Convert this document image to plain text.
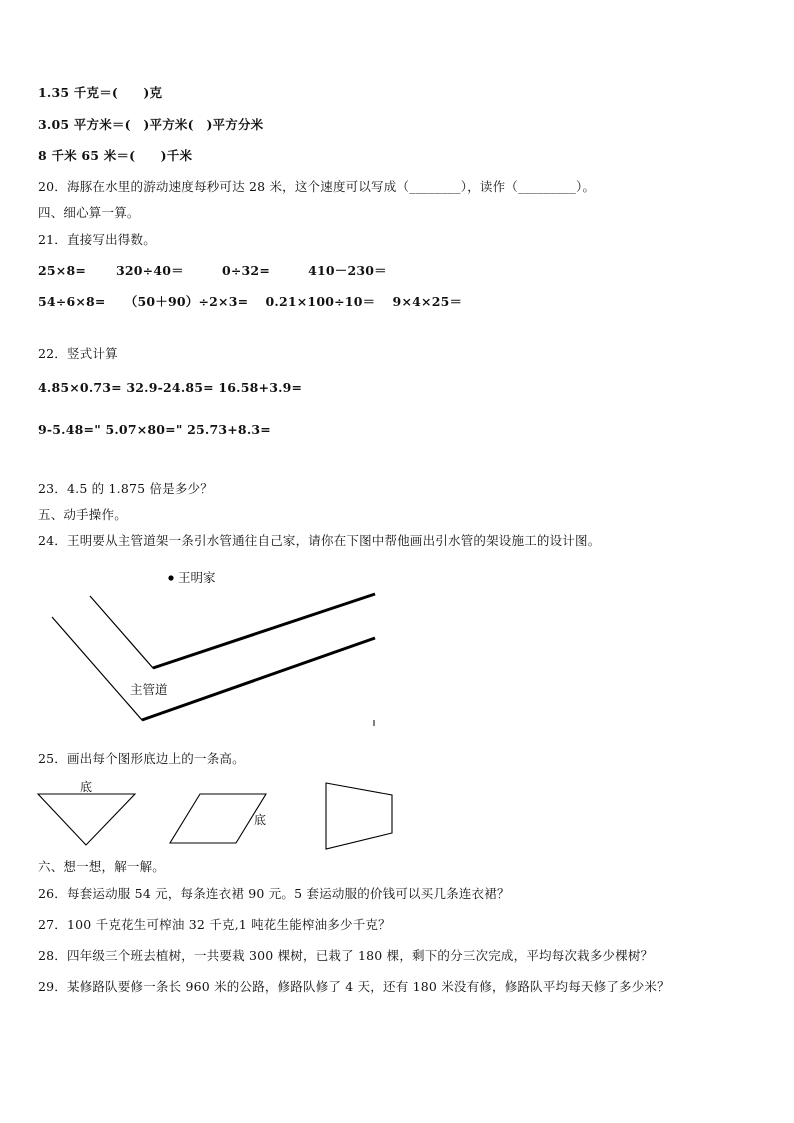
1.35 千克＝(　　)克
3.05 平方米＝(　)平方米(　)平方分米
8 千米 65 米＝(　　)千米
20．海豚在水里的游动速度每秒可达 28 米，这个速度可以写成（________），读作（_________）。
四、细心算一算。
21．直接写出得数。
25×8=　　 320÷40＝　　　0÷32=　　　410－230＝
54÷6×8=　　（50＋90）÷2×3=　 0.21×100÷10＝　 9×4×25＝
22．竖式计算
4.85×0.73= 32.9-24.85= 16.58+3.9=
9-5.48=" 5.07×80=" 25.73+8.3=
23．4.5 的 1.875 倍是多少？
五、动手操作。
24．王明要从主管道架一条引水管通往自己家，请你在下图中帮他画出引水管的架设施工的设计图。
王明家
主管道
25．画出每个图形底边上的一条高。
底
底
六、想一想，解一解。
26．每套运动服 54 元，每条连衣裙 90 元。5 套运动服的价钱可以买几条连衣裙？
27．100 千克花生可榨油 32 千克,1 吨花生能榨油多少千克？
28．四年级三个班去植树，一共要栽 300 棵树，已栽了 180 棵，剩下的分三次完成，平均每次栽多少棵树？
29．某修路队要修一条长 960 米的公路，修路队修了 4 天，还有 180 米没有修，修路队平均每天修了多少米？
